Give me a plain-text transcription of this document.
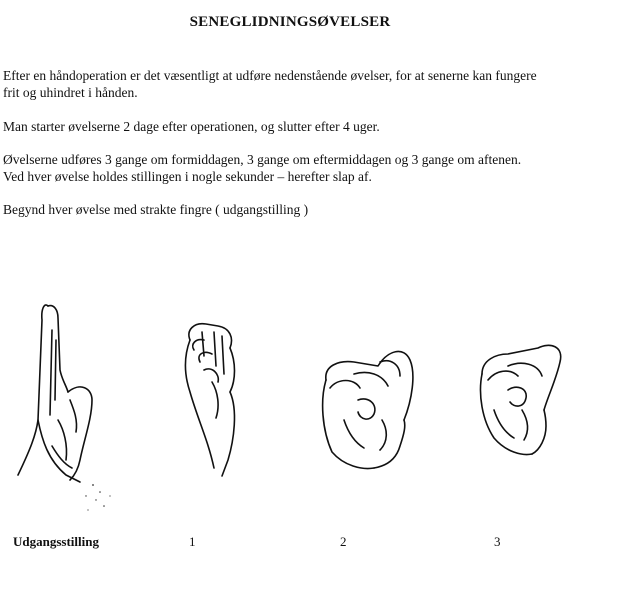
SENEGLIDNINGSØVELSER

Efter en håndoperation er det væsentligt at udføre nedenstående øvelser, for at senerne kan fungere
frit og uhindret i hånden.

Man starter øvelserne 2 dage efter operationen, og slutter efter 4 uger.

Øvelserne udføres 3 gange om formiddagen, 3 gange om eftermiddagen og 3 gange om aftenen.
Ved hver øvelse holdes stillingen i nogle sekunder – herefter slap af.

Begynd hver øvelse med strakte fingre ( udgangstilling )

Udgangsstilling	1	2	3
